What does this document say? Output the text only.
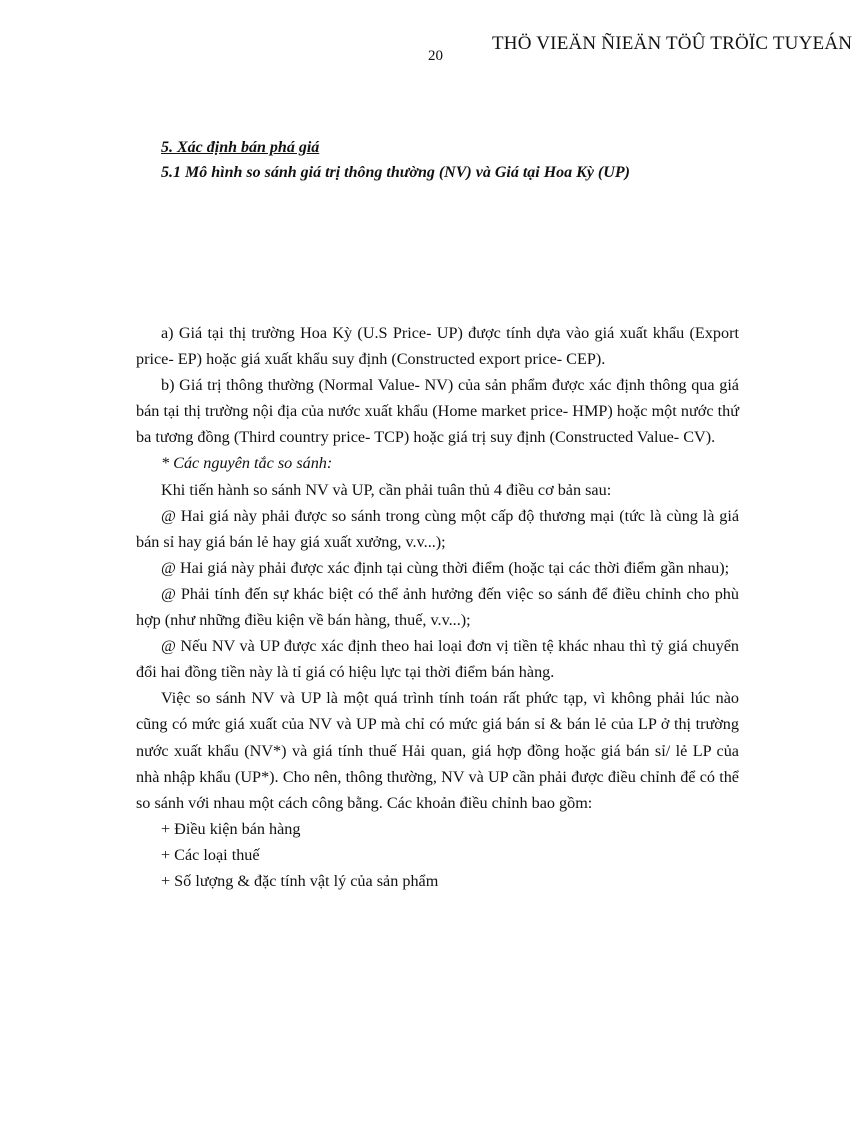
20
THÖ VIEÄN ÑIEÄN TÖÛ TRÖÏC TUYEÁN
5. Xác định bán phá giá
5.1 Mô hình so sánh giá trị thông thường (NV) và Giá tại Hoa Kỳ (UP)

a) Giá tại thị trường Hoa Kỳ (U.S Price- UP) được tính dựa vào giá xuất khẩu (Export price- EP) hoặc giá xuất khẩu suy định (Constructed export price- CEP).

b) Giá trị thông thường (Normal Value- NV) của sản phẩm được xác định thông qua giá bán tại thị trường nội địa của nước xuất khẩu (Home market price- HMP) hoặc một nước thứ ba tương đồng (Third country price- TCP) hoặc giá trị suy định (Constructed Value- CV).

* Các nguyên tắc so sánh:

Khi tiến hành so sánh NV và UP, cần phải tuân thủ 4 điều cơ bản sau:

@ Hai giá này phải được so sánh trong cùng một cấp độ thương mại (tức là cùng là giá bán sỉ hay giá bán lẻ hay giá xuất xưởng, v.v...);

@ Hai giá này phải được xác định tại cùng thời điểm (hoặc tại các thời điểm gần nhau);

@ Phải tính đến sự khác biệt có thể ảnh hưởng đến việc so sánh để điều chỉnh cho phù hợp (như những điều kiện về bán hàng, thuế, v.v...);

@ Nếu NV và UP được xác định theo hai loại đơn vị tiền tệ khác nhau thì tỷ giá chuyển đổi hai đồng tiền này là tỉ giá có hiệu lực tại thời điểm bán hàng.

Việc so sánh NV và UP là một quá trình tính toán rất phức tạp, vì không phải lúc nào cũng có mức giá xuất của NV và UP mà chỉ có mức giá bán sỉ & bán lẻ của LP ở thị trường nước xuất khẩu (NV*) và giá tính thuế Hải quan, giá hợp đồng hoặc giá bán sỉ/ lẻ LP của nhà nhập khẩu (UP*). Cho nên, thông thường, NV và UP cần phải được điều chỉnh để có thể so sánh với nhau một cách công bằng. Các khoản điều chỉnh bao gồm:

+ Điều kiện bán hàng

+ Các loại thuế

+ Số lượng & đặc tính vật lý của sản phẩm
